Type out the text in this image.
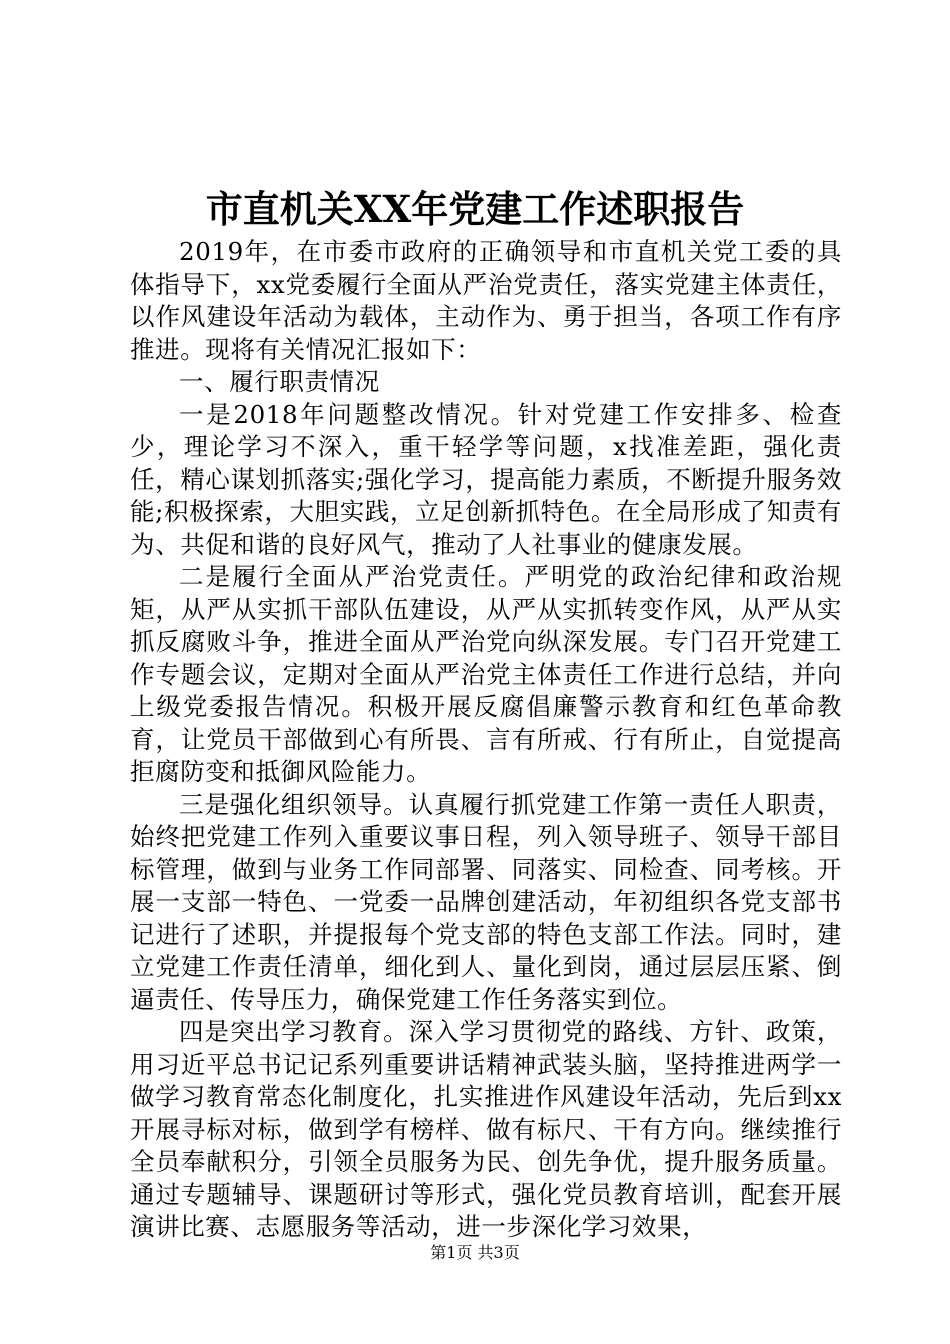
市直机关XX年党建工作述职报告

2019年，在市委市政府的正确领导和市直机关党工委的具体指导下，xx党委履行全面从严治党责任，落实党建主体责任，以作风建设年活动为载体，主动作为、勇于担当，各项工作有序推进。现将有关情况汇报如下：

一、履行职责情况

一是2018年问题整改情况。针对党建工作安排多、检查少，理论学习不深入，重干轻学等问题，x找准差距，强化责任，精心谋划抓落实;强化学习，提高能力素质，不断提升服务效能;积极探索，大胆实践，立足创新抓特色。在全局形成了知责有为、共促和谐的良好风气，推动了人社事业的健康发展。

二是履行全面从严治党责任。严明党的政治纪律和政治规矩，从严从实抓干部队伍建设，从严从实抓转变作风，从严从实抓反腐败斗争，推进全面从严治党向纵深发展。专门召开党建工作专题会议，定期对全面从严治党主体责任工作进行总结，并向上级党委报告情况。积极开展反腐倡廉警示教育和红色革命教育，让党员干部做到心有所畏、言有所戒、行有所止，自觉提高拒腐防变和抵御风险能力。

三是强化组织领导。认真履行抓党建工作第一责任人职责，始终把党建工作列入重要议事日程，列入领导班子、领导干部目标管理，做到与业务工作同部署、同落实、同检查、同考核。开展一支部一特色、一党委一品牌创建活动，年初组织各党支部书记进行了述职，并提报每个党支部的特色支部工作法。同时，建立党建工作责任清单，细化到人、量化到岗，通过层层压紧、倒逼责任、传导压力，确保党建工作任务落实到位。

四是突出学习教育。深入学习贯彻党的路线、方针、政策，用习近平总书记记系列重要讲话精神武装头脑，坚持推进两学一做学习教育常态化制度化，扎实推进作风建设年活动，先后到xx开展寻标对标，做到学有榜样、做有标尺、干有方向。继续推行全员奉献积分，引领全员服务为民、创先争优，提升服务质量。通过专题辅导、课题研讨等形式，强化党员教育培训，配套开展演讲比赛、志愿服务等活动，进一步深化学习效果，

第1页 共3页
